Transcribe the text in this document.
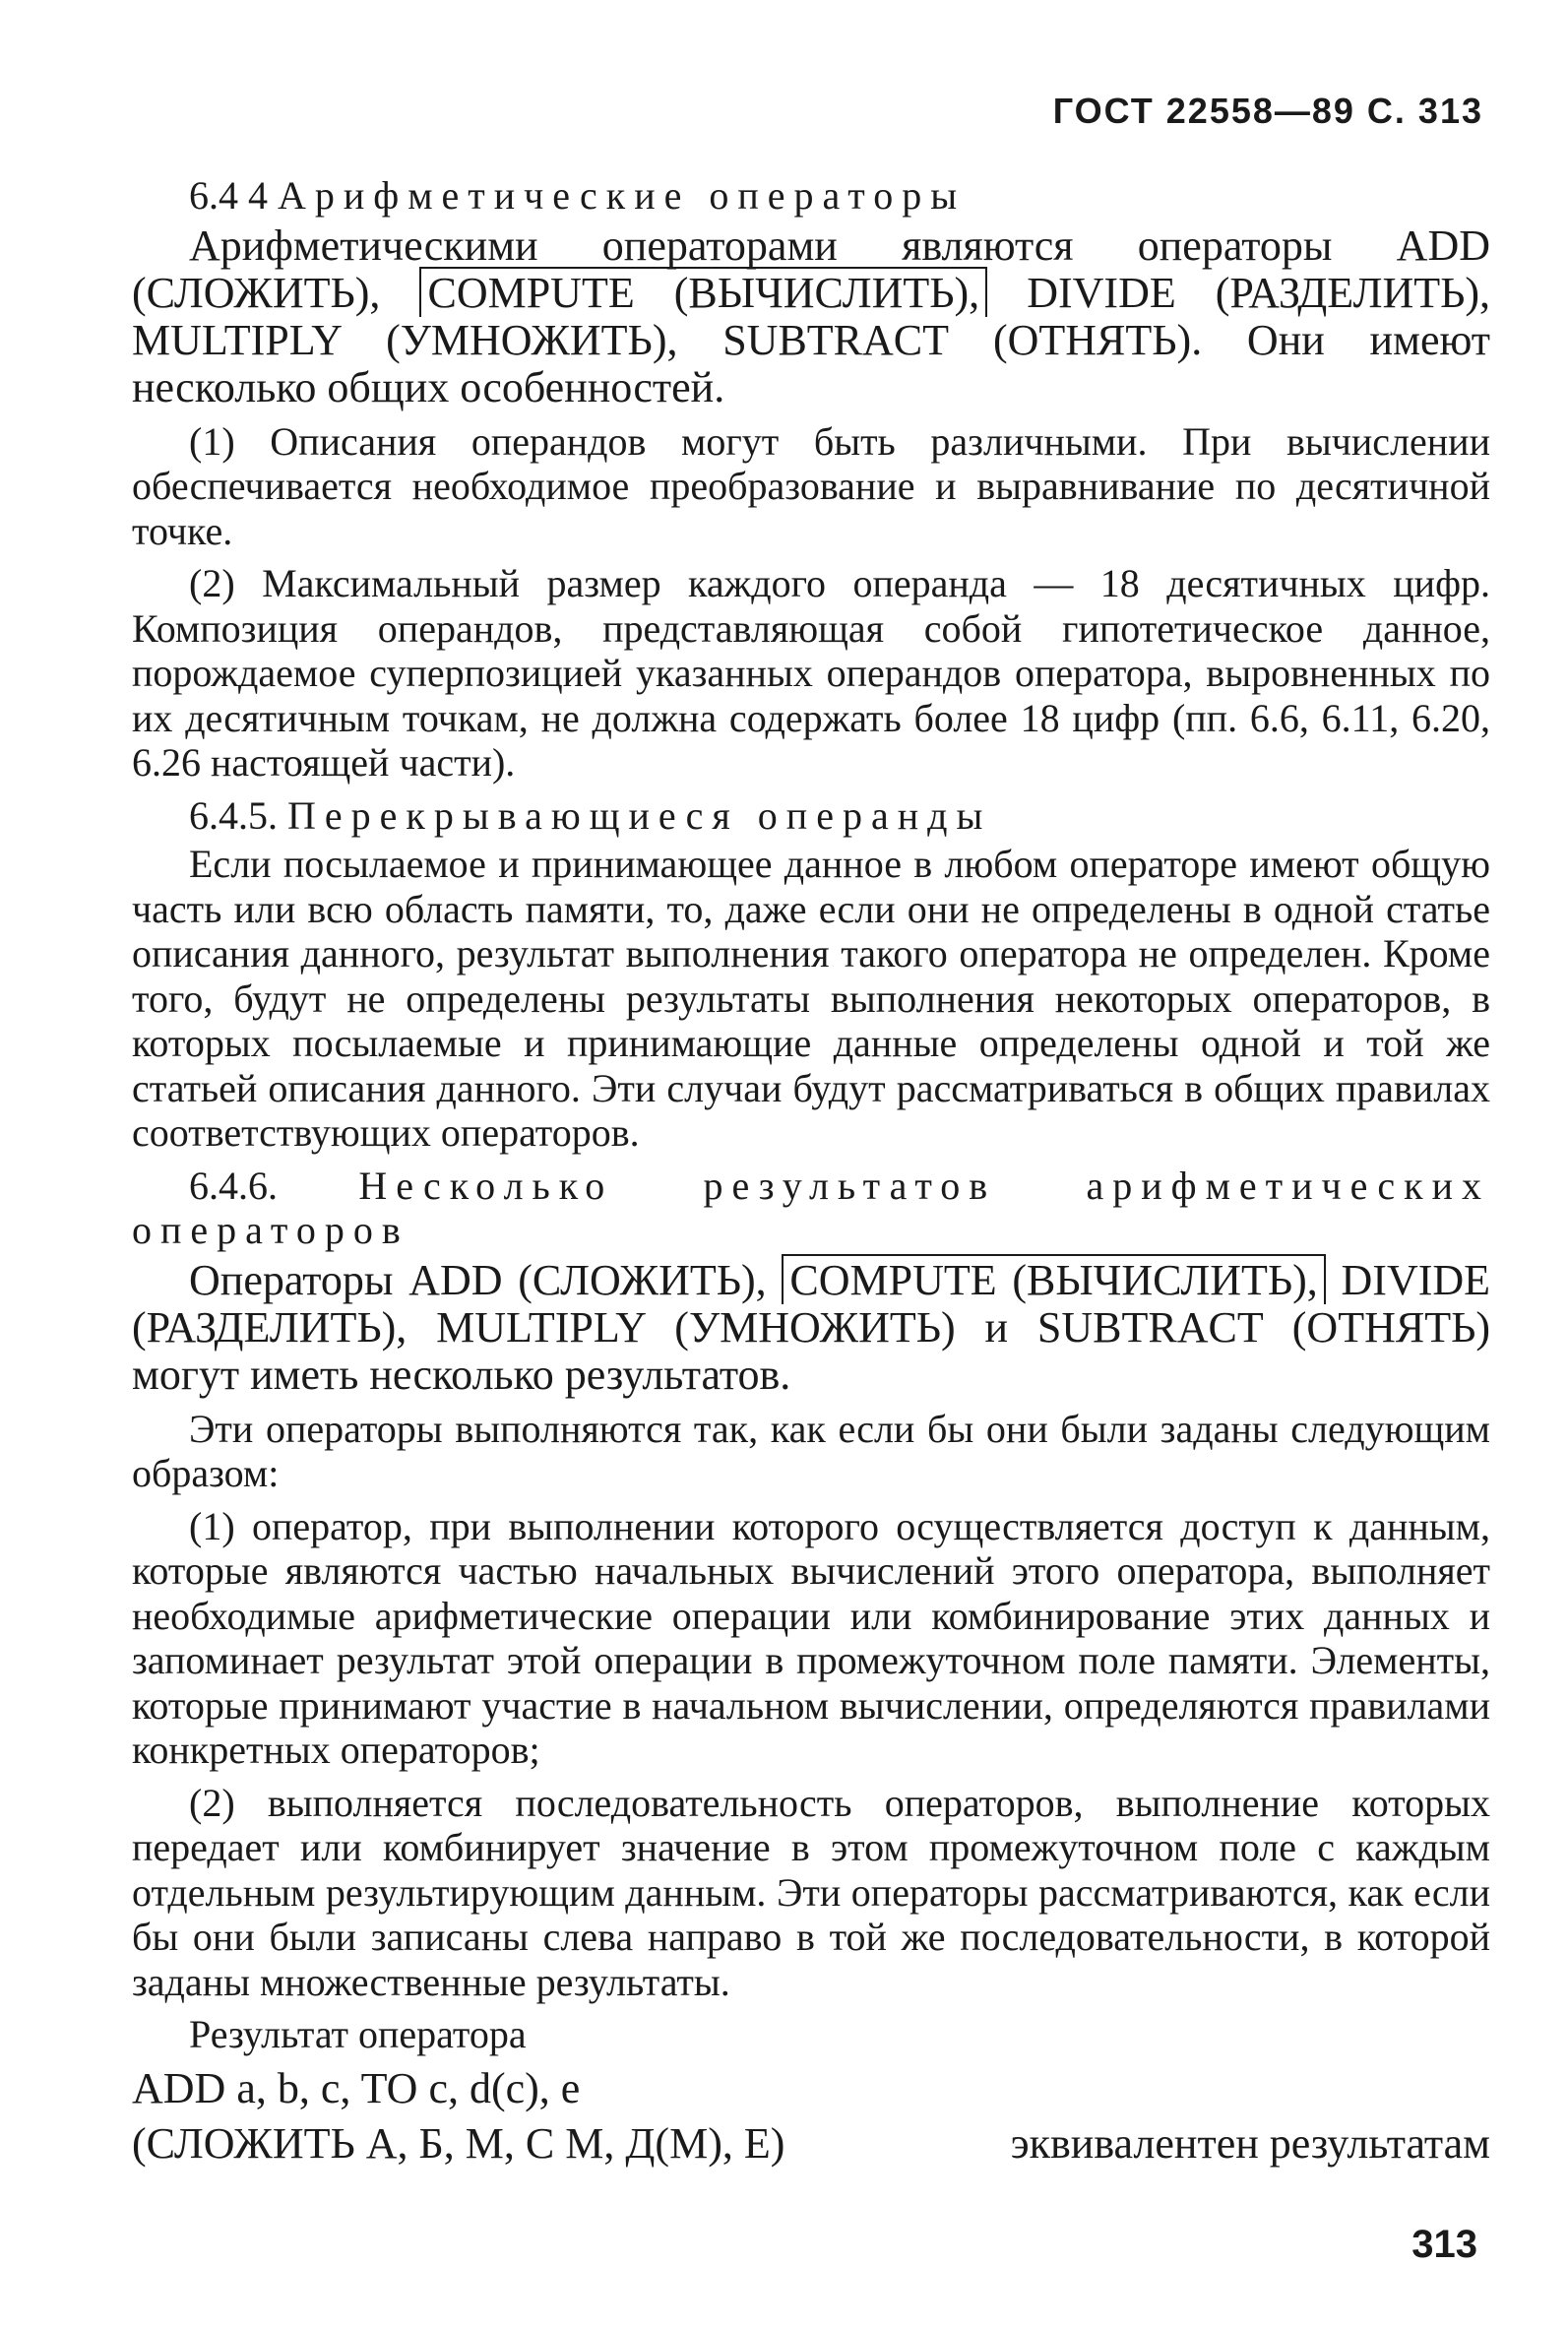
ГОСТ 22558—89 С. 313

6.4 4 Арифметические операторы

Арифметическими операторами являются операторы ADD (СЛОЖИТЬ), COMPUTE (ВЫЧИСЛИТЬ), DIVIDE (РАЗДЕЛИТЬ), MULTIPLY (УМНОЖИТЬ), SUBTRACT (ОТНЯТЬ). Они имеют несколько общих особенностей.

(1) Описания операндов могут быть различными. При вычислении обеспечивается необходимое преобразование и выравнивание по десятичной точке.

(2) Максимальный размер каждого операнда — 18 десятичных цифр. Композиция операндов, представляющая собой гипотетическое данное, порождаемое суперпозицией указанных операндов оператора, выровненных по их десятичным точкам, не должна содержать более 18 цифр (пп. 6.6, 6.11, 6.20, 6.26 настоящей части).

6.4.5. Перекрывающиеся операнды

Если посылаемое и принимающее данное в любом операторе имеют общую часть или всю область памяти, то, даже если они не определены в одной статье описания данного, результат выполнения такого оператора не определен. Кроме того, будут не определены результаты выполнения некоторых операторов, в которых посылаемые и принимающие данные определены одной и той же статьей описания данного. Эти случаи будут рассматриваться в общих правилах соответствующих операторов.

6.4.6. Несколько результатов арифметических операторов

Операторы ADD (СЛОЖИТЬ), COMPUTE (ВЫЧИСЛИТЬ), DIVIDE (РАЗДЕЛИТЬ), MULTIPLY (УМНОЖИТЬ) и SUBTRACT (ОТНЯТЬ) могут иметь несколько результатов.

Эти операторы выполняются так, как если бы они были заданы следующим образом:

(1) оператор, при выполнении которого осуществляется доступ к данным, которые являются частью начальных вычислений этого оператора, выполняет необходимые арифметические операции или комбинирование этих данных и запоминает результат этой операции в промежуточном поле памяти. Элементы, которые принимают участие в начальном вычислении, определяются правилами конкретных операторов;

(2) выполняется последовательность операторов, выполнение которых передает или комбинирует значение в этом промежуточном поле с каждым отдельным результирующим данным. Эти операторы рассматриваются, как если бы они были записаны слева направо в той же последовательности, в которой заданы множественные результаты.

Результат оператора

ADD a, b, c, TO c, d(c), e

(СЛОЖИТЬ А, Б, М, С М, Д(М), Е)	эквивалентен результатам

313
